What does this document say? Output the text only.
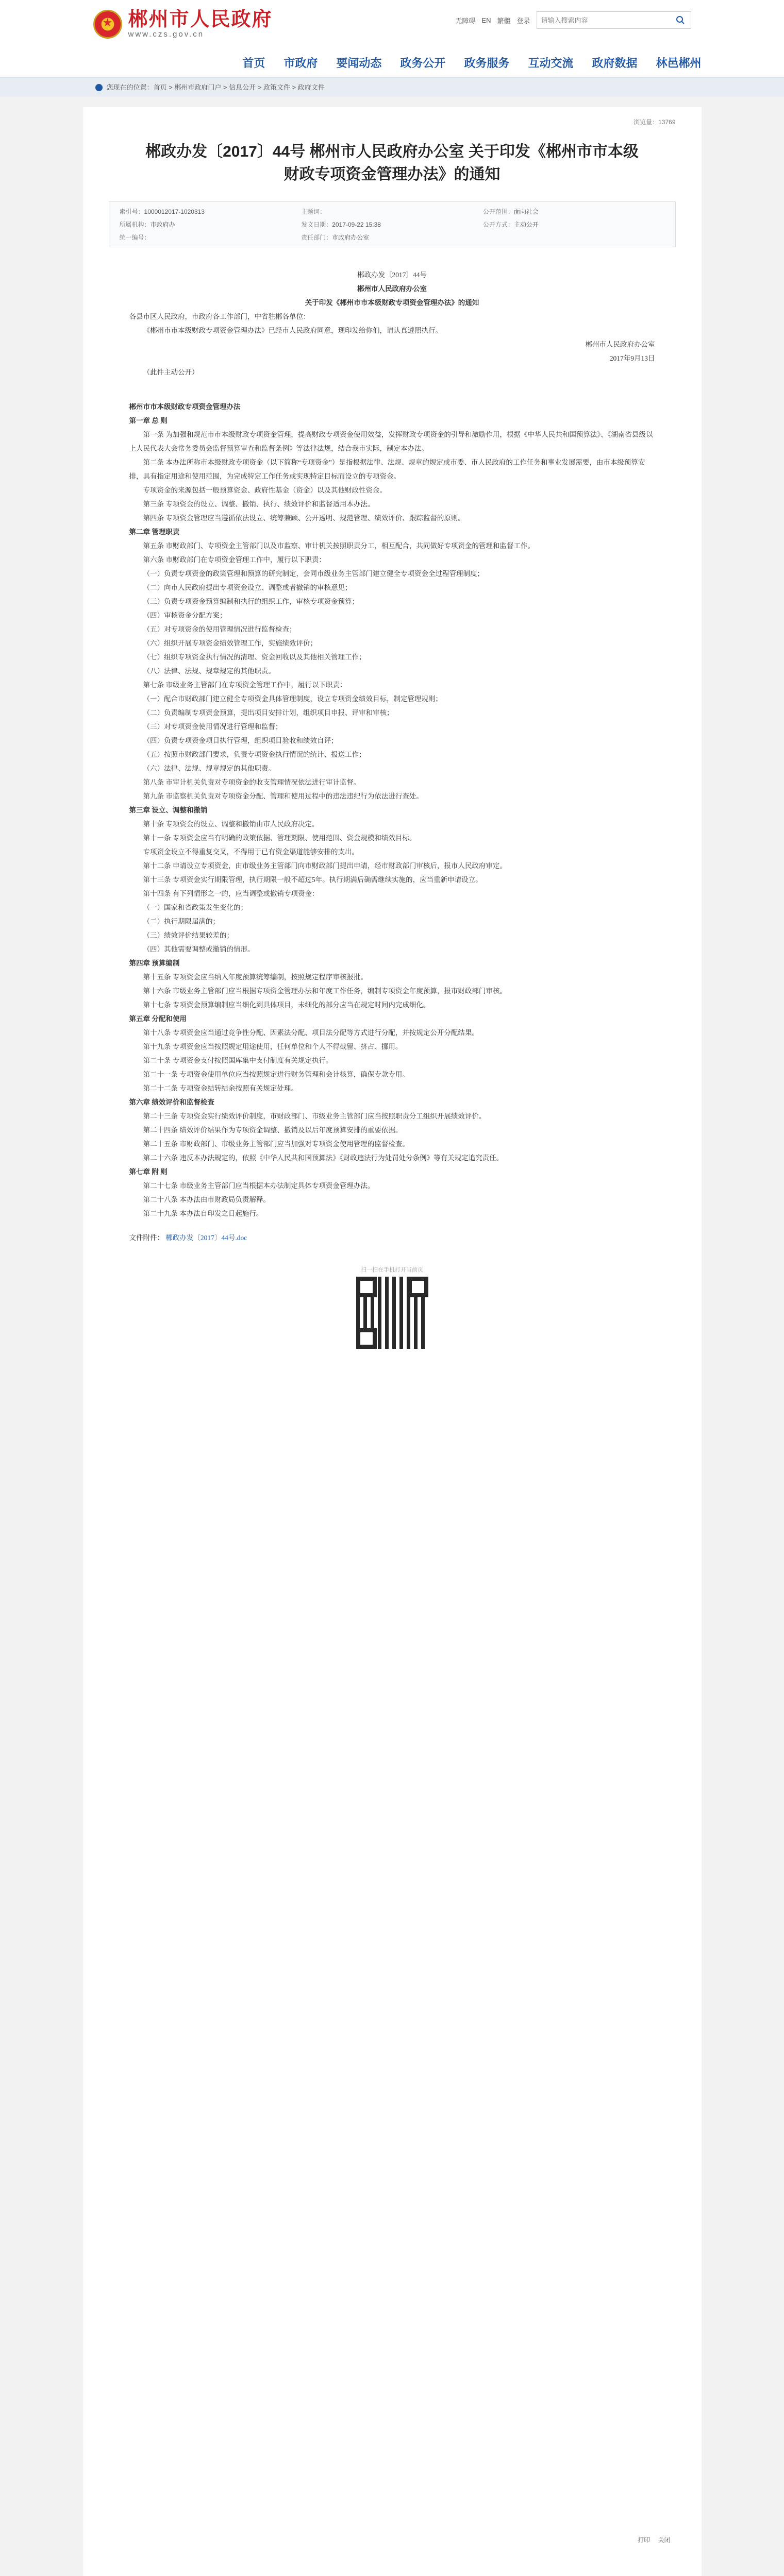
★
郴州市人民政府
www.czs.gov.cn
无障碍 EN 繁體 登录
请输入搜索内容
首页 市政府 要闻动态 政务公开 政务服务 互动交流 政府数据 林邑郴州
您现在的位置：首页 > 郴州市政府门户 > 信息公开 > 政策文件 > 政府文件
浏览量：13769
郴政办发〔2017〕44号 郴州市人民政府办公室 关于印发《郴州市市本级财政专项资金管理办法》的通知
索引号：1000012017-1020313	主题词：	公开范围：面向社会
所属机构：市政府办	发文日期：2017-09-22 15:38	公开方式：主动公开
统一编号：	责任部门：市政府办公室

郴政办发〔2017〕44号

郴州市人民政府办公室

关于印发《郴州市市本级财政专项资金管理办法》的通知

各县市区人民政府，市政府各工作部门，中省驻郴各单位：

《郴州市市本级财政专项资金管理办法》已经市人民政府同意，现印发给你们，请认真遵照执行。

郴州市人民政府办公室

2017年9月13日

（此件主动公开）

郴州市市本级财政专项资金管理办法

第一章 总 则

第一条 为加强和规范市市本级财政专项资金管理，提高财政专项资金使用效益，发挥财政专项资金的引导和激励作用，根据《中华人民共和国预算法》、《湖南省县级以上人民代表大会常务委员会监督预算审查和监督条例》等法律法规，结合我市实际，制定本办法。

第二条 本办法所称市本级财政专项资金（以下简称“专项资金”）是指根据法律、法规、规章的规定或市委、市人民政府的工作任务和事业发展需要，由市本级预算安排，具有指定用途和使用范围，为完成特定工作任务或实现特定目标而设立的专项资金。

专项资金的来源包括一般预算资金、政府性基金（资金）以及其他财政性资金。

第三条 专项资金的设立、调整、撤销、执行、绩效评价和监督适用本办法。

第四条 专项资金管理应当遵循依法设立、统筹兼顾、公开透明、规范管理、绩效评价、跟踪监督的原则。

第二章 管理职责

第五条 市财政部门、专项资金主管部门以及市监察、审计机关按照职责分工，相互配合，共同做好专项资金的管理和监督工作。

第六条 市财政部门在专项资金管理工作中，履行以下职责：

（一）负责专项资金的政策管理和预算的研究制定，会同市级业务主管部门建立健全专项资金全过程管理制度；

（二）向市人民政府提出专项资金设立、调整或者撤销的审核意见；

（三）负责专项资金预算编制和执行的组织工作，审核专项资金预算；

（四）审核资金分配方案；

（五）对专项资金的使用管理情况进行监督检查；

（六）组织开展专项资金绩效管理工作，实施绩效评价；

（七）组织专项资金执行情况的清理、资金回收以及其他相关管理工作；

（八）法律、法规、规章规定的其他职责。

第七条 市级业务主管部门在专项资金管理工作中，履行以下职责：

（一）配合市财政部门建立健全专项资金具体管理制度，设立专项资金绩效目标，制定管理规则；

（二）负责编制专项资金预算，提出项目安排计划，组织项目申报、评审和审核；

（三）对专项资金使用情况进行管理和监督；

（四）负责专项资金项目执行管理，组织项目验收和绩效自评；

（五）按照市财政部门要求，负责专项资金执行情况的统计、报送工作；

（六）法律、法规、规章规定的其他职责。

第八条 市审计机关负责对专项资金的收支管理情况依法进行审计监督。

第九条 市监察机关负责对专项资金分配、管理和使用过程中的违法违纪行为依法进行查处。

第三章 设立、调整和撤销

第十条 专项资金的设立、调整和撤销由市人民政府决定。

第十一条 专项资金应当有明确的政策依据、管理期限、使用范围、资金规模和绩效目标。

专项资金设立不得重复交叉，不得用于已有资金渠道能够安排的支出。

第十二条 申请设立专项资金，由市级业务主管部门向市财政部门提出申请，经市财政部门审核后，报市人民政府审定。

第十三条 专项资金实行期限管理，执行期限一般不超过5年。执行期满后确需继续实施的，应当重新申请设立。

第十四条 有下列情形之一的，应当调整或撤销专项资金：

（一）国家和省政策发生变化的；

（二）执行期限届满的；

（三）绩效评价结果较差的；

（四）其他需要调整或撤销的情形。

第四章 预算编制

第十五条 专项资金应当纳入年度预算统筹编制，按照规定程序审核报批。

第十六条 市级业务主管部门应当根据专项资金管理办法和年度工作任务，编制专项资金年度预算，报市财政部门审核。

第十七条 专项资金预算编制应当细化到具体项目，未细化的部分应当在规定时间内完成细化。

第五章 分配和使用

第十八条 专项资金应当通过竞争性分配、因素法分配、项目法分配等方式进行分配，并按规定公开分配结果。

第十九条 专项资金应当按照规定用途使用，任何单位和个人不得截留、挤占、挪用。

第二十条 专项资金支付按照国库集中支付制度有关规定执行。

第二十一条 专项资金使用单位应当按照规定进行财务管理和会计核算，确保专款专用。

第二十二条 专项资金结转结余按照有关规定处理。

第六章 绩效评价和监督检查

第二十三条 专项资金实行绩效评价制度，市财政部门、市级业务主管部门应当按照职责分工组织开展绩效评价。

第二十四条 绩效评价结果作为专项资金调整、撤销及以后年度预算安排的重要依据。

第二十五条 市财政部门、市级业务主管部门应当加强对专项资金使用管理的监督检查。

第二十六条 违反本办法规定的，依照《中华人民共和国预算法》《财政违法行为处罚处分条例》等有关规定追究责任。

第七章 附 则

第二十七条 市级业务主管部门应当根据本办法制定具体专项资金管理办法。

第二十八条 本办法由市财政局负责解释。

第二十九条 本办法自印发之日起施行。

文件附件： 郴政办发〔2017〕44号.doc
扫一扫在手机打开当前页
打印 关闭
